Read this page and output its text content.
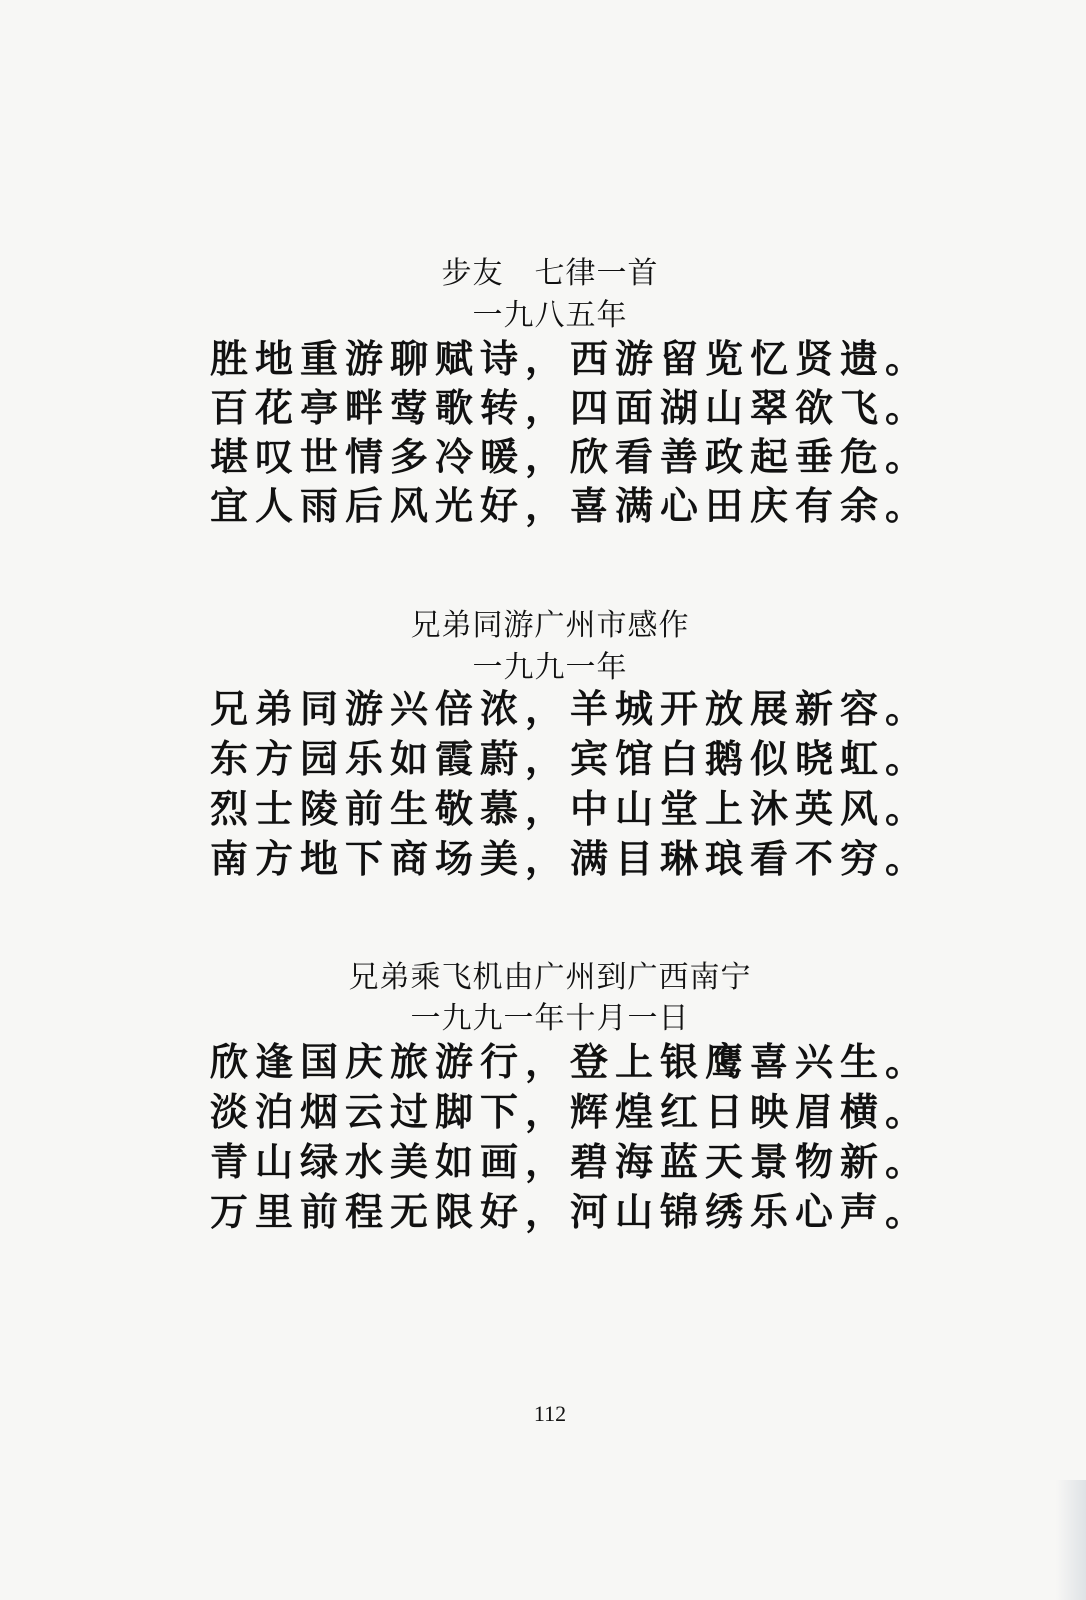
步友　七律一首
一九八五年
胜地重游聊赋诗，西游留览忆贤遗。
百花亭畔莺歌转，四面湖山翠欲飞。
堪叹世情多冷暖，欣看善政起垂危。
宜人雨后风光好，喜满心田庆有余。
兄弟同游广州市感作
一九九一年
兄弟同游兴倍浓，羊城开放展新容。
东方园乐如霞蔚，宾馆白鹅似晓虹。
烈士陵前生敬慕，中山堂上沐英风。
南方地下商场美，满目琳琅看不穷。
兄弟乘飞机由广州到广西南宁
一九九一年十月一日
欣逢国庆旅游行，登上银鹰喜兴生。
淡泊烟云过脚下，辉煌红日映眉横。
青山绿水美如画，碧海蓝天景物新。
万里前程无限好，河山锦绣乐心声。
112
